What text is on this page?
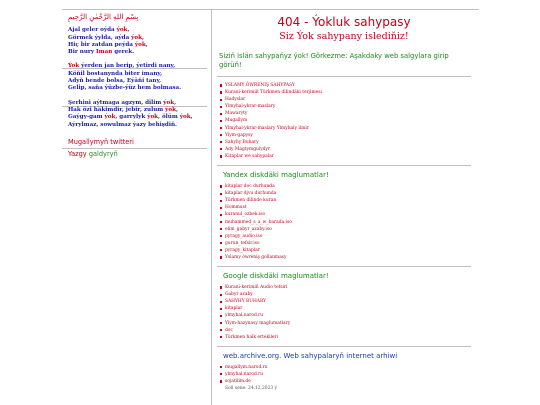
بِسْمِ اللهِ الرَّحْمٰنِ الرَّحِيمِ

Ajal geler oýda ýok,

Görmek ýylda, aýda ýok,

Hiç bir zatdan peýda ýok,

Bir nury Iman gerek.

Ýok ýerden jan berip, ýetirdi nany,

Köňil bostanynda biter imany,

Adyň bende bolsa, Eýäňi tany,

Gelip, saňa ýüzbe-ýüz hem bolmasa.

Şerhini aýtmaga agzym, dilim ýok,

Hak özi häkimdir, jebir, zulum ýok,

Gaýgy-gam ýok, garrylyk ýok, ölüm ýok,

Aýrylmaz, sowulmaz ýazy behişdiň.

Mugallymyň twitteri
Yazgy galdyryň
404 - Ýokluk sahypasy
Siz Ýok sahypany islediňiz!
Siziň islän sahypaňyz ýok! Görkezme: Aşakdaky web salgylara girip görüň!
YSLAMY ÖWRENIŞ SAHYPASY
Kurani-kerimiň Türkmen dilindäki terjimesi
Hadyslar
Ylmyhal-ykrar-maslary
Mawaryty
Mugallym
Ylmyhal-ykrar-maslary Ylmyhaly ilmir
Ylym-gapysy
Sahyhy Buhary
Ady Magtymgulydyr
Kitaplar we sahypalar
Yandex diskdäki maglumatlar!
kitaplar doc durhunda
kitaplar djvu durhunda
Türkmen dilinde kuran
Hommust
kuranul_ozbek.iso
muhammed_s_a_w_barada.iso
elim_gabyr_azaby.iso
pyragy_audio.iso
gurun_tefsir.iso
pyragy_kitaplar
Yslamy öwreniş gollanmasy
Google diskdäki maglumatlar!
Kurani-kerimiň Audio tefsiri
Gabyr azaby
SAHYHY BUHARY
kitaplar
ylmyhal.narod.ru
Ylym-hazynasy maglumatlary
doc
Türkmen halk ertekileri
web.archive.org. Web sahypalaryň internet arhiwi
mugallym.narod.ru
ylmyhal.narod.ru
sojatilim.de
Soñ sene: 24.12.2023 ý
